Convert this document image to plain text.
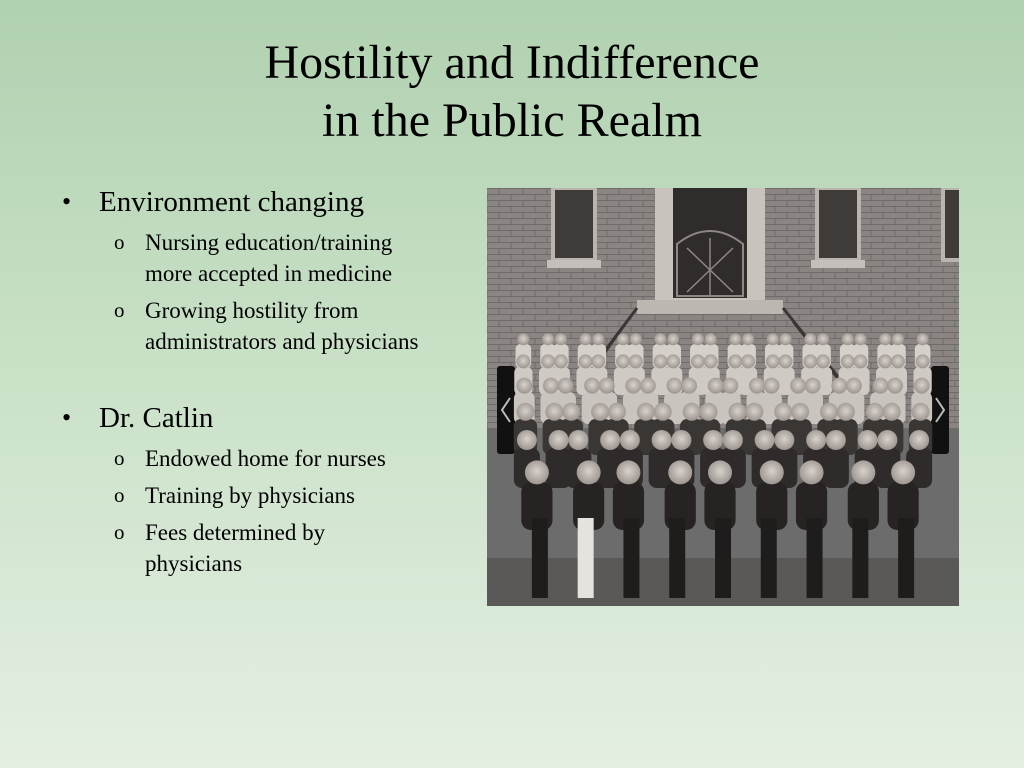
Hostility and Indifference
in the Public Realm
• Environment changing
o Nursing education/training
more accepted in medicine
o Growing hostility from
administrators and physicians
• Dr. Catlin
o Endowed home for nurses
o Training by physicians
o Fees determined by
physicians
